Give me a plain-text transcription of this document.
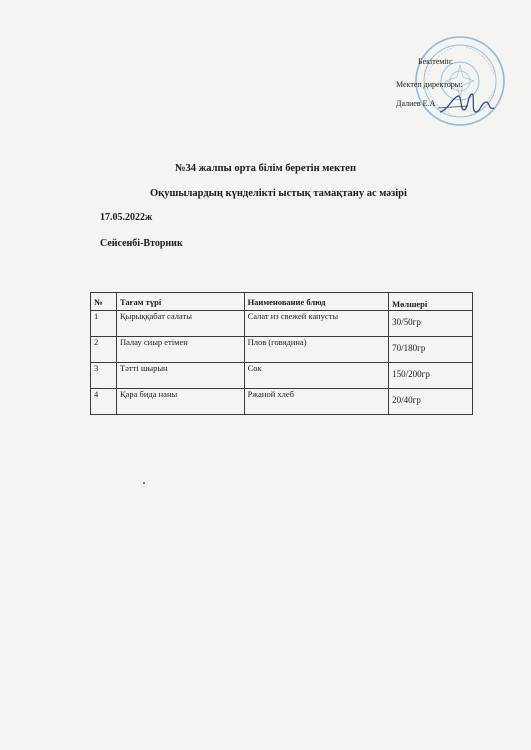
Бекітемін:
Мектеп директоры:
Далиев Е.А
№34 жалпы орта білім беретін мектеп
Оқушылардың күнделікті ыстық тамақтану ас мәзірі
17.05.2022ж
Сейсенбі-Вторник
№	Тағам түрі	Наименование блюд	Мөлшері
1	Қырыққабат салаты	Салат из свежей капусты	30/50гр
2	Палау сиыр етімен	Плов (говядина)	70/180гр
3	Тәтті шырын	Сок	150/200гр
4	Қара бида наны	Ржаной хлеб	20/40гр
